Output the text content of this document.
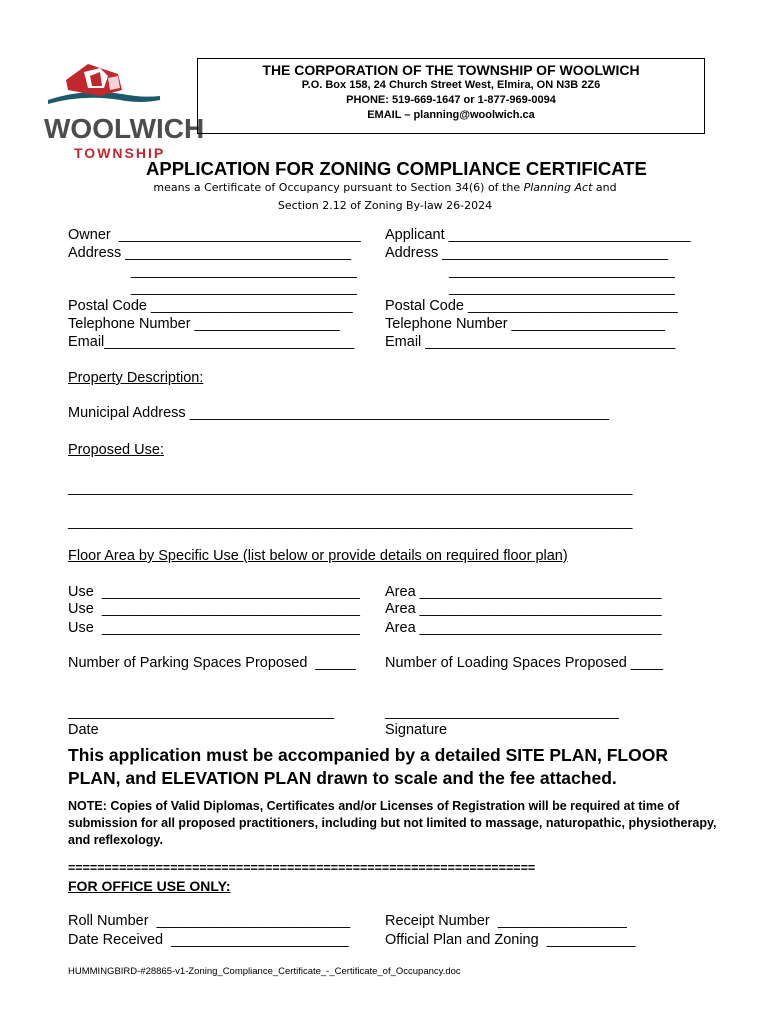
WOOLWICH
TOWNSHIP
THE CORPORATION OF THE TOWNSHIP OF WOOLWICH
P.O. Box 158, 24 Church Street West, Elmira, ON N3B 2Z6
PHONE: 519-669-1647 or 1-877-969-0094
EMAIL – planning@woolwich.ca
APPLICATION FOR ZONING COMPLIANCE CERTIFICATE
means a Certificate of Occupancy pursuant to Section 34(6) of the Planning Act and
Section 2.12 of Zoning By-law 26-2024
Owner  ______________________________
Address ____________________________
____________________________
____________________________
Postal Code _________________________
Telephone Number __________________
Email_______________________________
Applicant ______________________________
Address ____________________________
____________________________
____________________________
Postal Code __________________________
Telephone Number ___________________
Email _______________________________
Property Description:
Municipal Address ____________________________________________________
Proposed Use:
______________________________________________________________________
______________________________________________________________________
Floor Area by Specific Use (list below or provide details on required floor plan)
Use  ________________________________
Use  ________________________________
Use  ________________________________
Area ______________________________
Area ______________________________
Area ______________________________
Number of Parking Spaces Proposed  _____ Number of Loading Spaces Proposed ____
_________________________________
Date
_____________________________
Signature
This application must be accompanied by a detailed SITE PLAN, FLOOR PLAN, and ELEVATION PLAN drawn to scale and the fee attached.
NOTE: Copies of Valid Diplomas, Certificates and/or Licenses of Registration will be required at time of submission for all proposed practitioners, including but not limited to massage, naturopathic, physiotherapy, and reflexology.
================================================================
FOR OFFICE USE ONLY:
Roll Number  ________________________
Date Received  ______________________
Receipt Number  ________________
Official Plan and Zoning  ___________
HUMMINGBIRD-#28865-v1-Zoning_Compliance_Certificate_-_Certificate_of_Occupancy.doc
